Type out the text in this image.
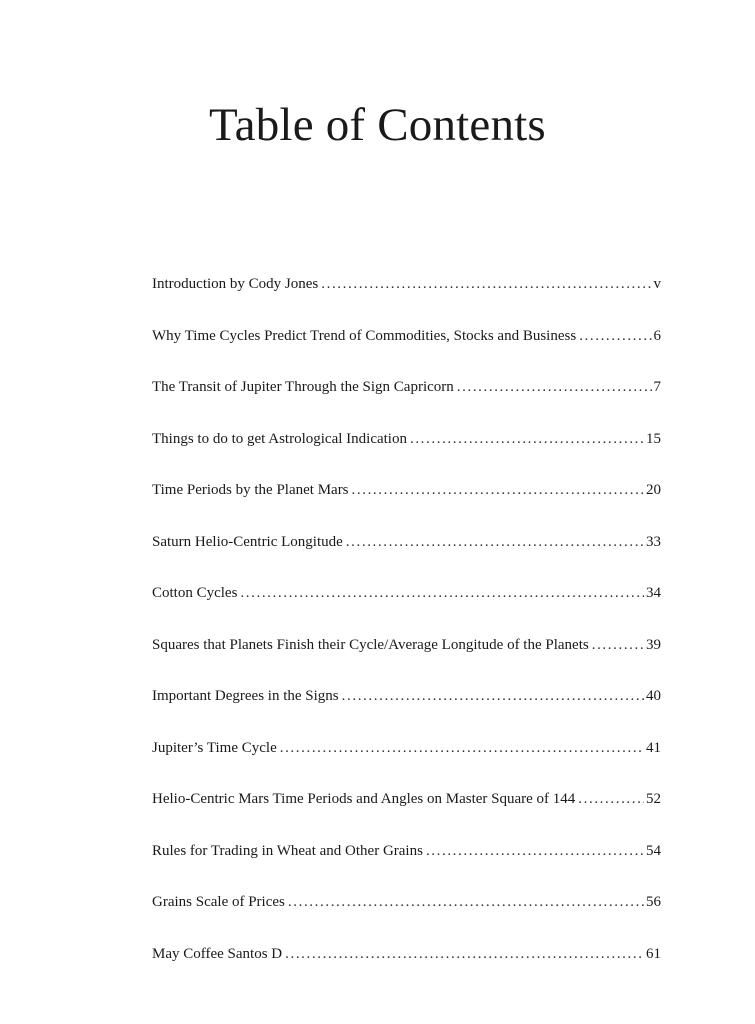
Table of Contents
Introduction by Cody Jones .....	v
Why Time Cycles Predict Trend of Commodities, Stocks and Business .....	6
The Transit of Jupiter Through the Sign Capricorn .....	7
Things to do to get Astrological Indication .....	15
Time Periods by the Planet Mars .....	20
Saturn Helio-Centric Longitude .....	33
Cotton Cycles .....	34
Squares that Planets Finish their Cycle/Average Longitude of the Planets .....	39
Important Degrees in the Signs .....	40
Jupiter’s Time Cycle .....	41
Helio-Centric Mars Time Periods and Angles on Master Square of 144 .....	52
Rules for Trading in Wheat and Other Grains .....	54
Grains Scale of Prices .....	56
May Coffee Santos D .....	61
